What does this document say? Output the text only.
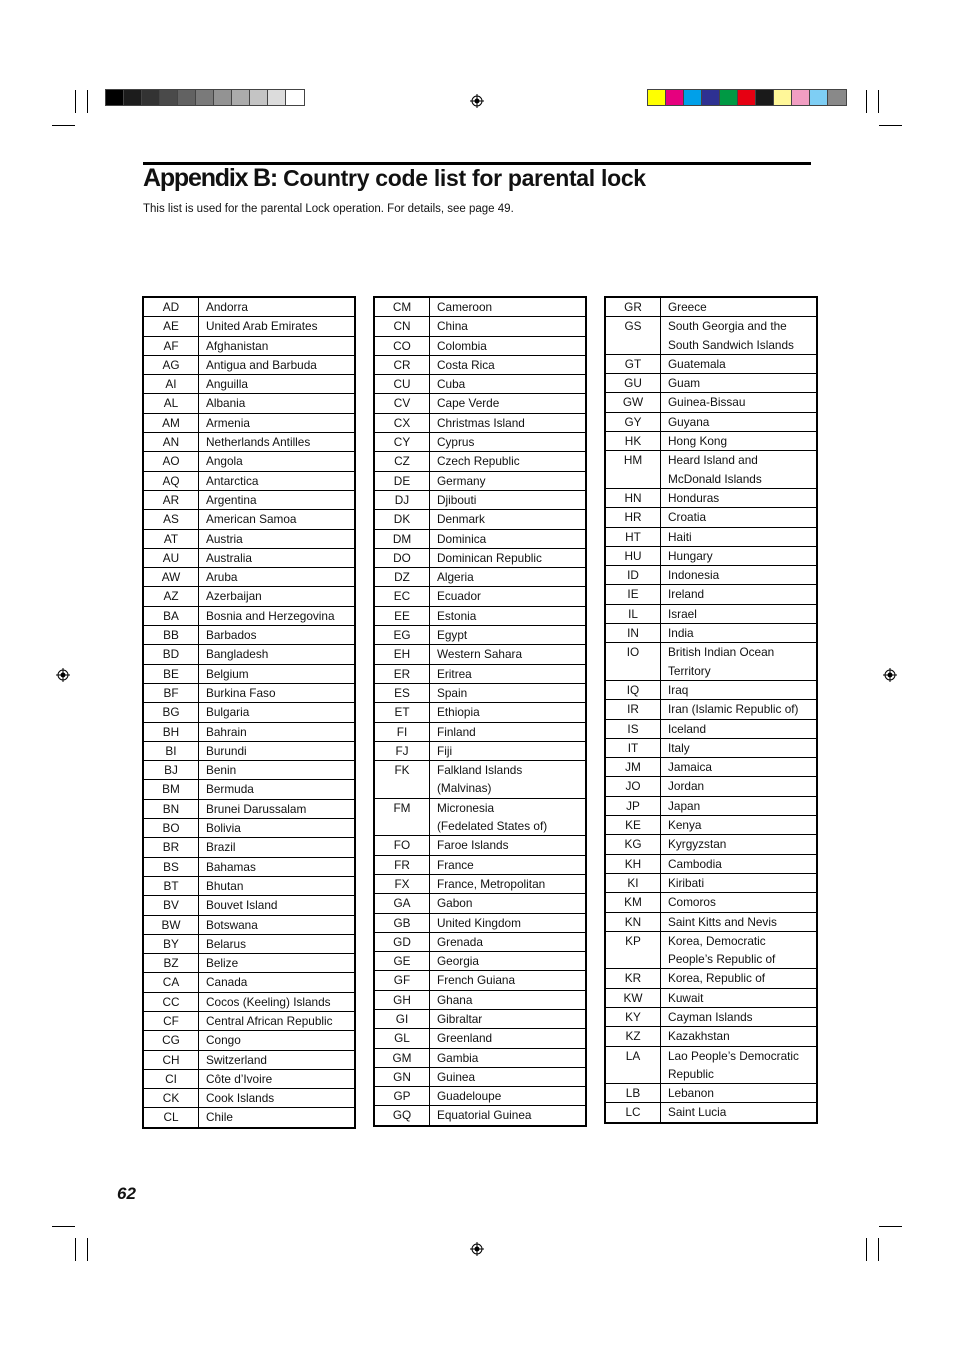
Appendix B: Country code list for parental lock
This list is used for the parental Lock operation. For details, see page 49.
AD	Andorra

AE	United Arab Emirates

AF	Afghanistan

AG	Antigua and Barbuda

AI	Anguilla

AL	Albania

AM	Armenia

AN	Netherlands Antilles

AO	Angola

AQ	Antarctica

AR	Argentina

AS	American Samoa

AT	Austria

AU	Australia

AW	Aruba

AZ	Azerbaijan

BA	Bosnia and Herzegovina

BB	Barbados

BD	Bangladesh

BE	Belgium

BF	Burkina Faso

BG	Bulgaria

BH	Bahrain

BI	Burundi

BJ	Benin

BM	Bermuda

BN	Brunei Darussalam

BO	Bolivia

BR	Brazil

BS	Bahamas

BT	Bhutan

BV	Bouvet Island

BW	Botswana

BY	Belarus

BZ	Belize

CA	Canada

CC	Cocos (Keeling) Islands

CF	Central African Republic

CG	Congo

CH	Switzerland

CI	Côte d’Ivoire

CK	Cook Islands

CL	Chile
CM	Cameroon

CN	China

CO	Colombia

CR	Costa Rica

CU	Cuba

CV	Cape Verde

CX	Christmas Island

CY	Cyprus

CZ	Czech Republic

DE	Germany

DJ	Djibouti

DK	Denmark

DM	Dominica

DO	Dominican Republic

DZ	Algeria

EC	Ecuador

EE	Estonia

EG	Egypt

EH	Western Sahara

ER	Eritrea

ES	Spain

ET	Ethiopia

FI	Finland

FJ	Fiji

FK	Falkland Islands
(Malvinas)

FM	Micronesia
(Fedelated States of)

FO	Faroe Islands

FR	France

FX	France, Metropolitan

GA	Gabon

GB	United Kingdom

GD	Grenada

GE	Georgia

GF	French Guiana

GH	Ghana

GI	Gibraltar

GL	Greenland

GM	Gambia

GN	Guinea

GP	Guadeloupe

GQ	Equatorial Guinea
GR	Greece

GS	South Georgia and the
South Sandwich Islands

GT	Guatemala

GU	Guam

GW	Guinea-Bissau

GY	Guyana

HK	Hong Kong

HM	Heard Island and
McDonald Islands

HN	Honduras

HR	Croatia

HT	Haiti

HU	Hungary

ID	Indonesia

IE	Ireland

IL	Israel

IN	India

IO	British Indian Ocean
Territory

IQ	Iraq

IR	Iran (Islamic Republic of)

IS	Iceland

IT	Italy

JM	Jamaica

JO	Jordan

JP	Japan

KE	Kenya

KG	Kyrgyzstan

KH	Cambodia

KI	Kiribati

KM	Comoros

KN	Saint Kitts and Nevis

KP	Korea, Democratic
People’s Republic of

KR	Korea, Republic of

KW	Kuwait

KY	Cayman Islands

KZ	Kazakhstan

LA	Lao People’s Democratic
Republic

LB	Lebanon

LC	Saint Lucia
62
